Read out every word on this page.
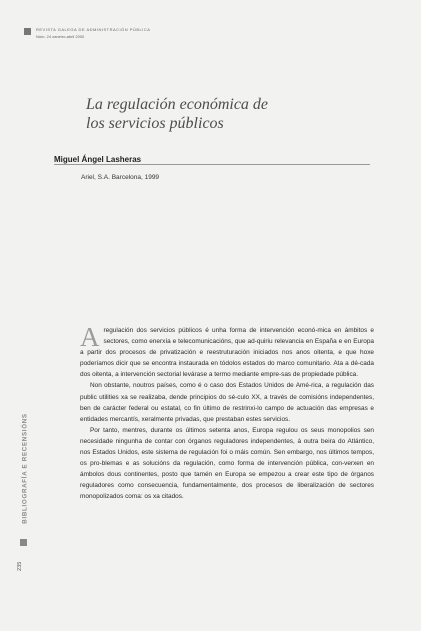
REVISTA GALEGA DE ADMINISTRACIÓN PÚBLICA
Núm. 24 xaneiro-abril 2000
La regulación económica de
los servicios públicos
Miguel Ángel Lasheras
Ariel, S.A. Barcelona, 1999

Aregulación dos servicios públicos é unha forma de intervención econó-mica en ámbitos e sectores, como enerxía e telecomunicacións, que ad-quiriu relevancia en España e en Europa a partir dos procesos de privatización e reestruturación iniciados nos anos oitenta, e que hoxe poderíamos dicir que se encontra instaurada en tódolos estados do marco comunitario. Ata a dé-cada dos oitenta, a intervención sectorial levárase a termo mediante empre-sas de propiedade pública.

Non obstante, noutros países, como é o caso dos Estados Unidos de Amé-rica, a regulación das public utilities xa se realizaba, dende principios do sé-culo XX, a través de comisións independentes, ben de carácter federal ou estatal, co fin último de restrinxi-lo campo de actuación das empresas e entidades mercantís, xeralmente privadas, que prestaban estes servicios.

Por tanto, mentres, durante os últimos setenta anos, Europa regulou os seus monopolios sen necesidade ningunha de contar con órganos reguladores independentes, á outra beira do Atlántico, nos Estados Unidos, este sistema de regulación foi o máis común. Sen embargo, nos últimos tempos, os pro-blemas e as solucións da regulación, como forma de intervención pública, con-verxen en ámbolos dous continentes, posto que tamén en Europa se empezou a crear este tipo de órganos reguladores como consecuencia, fundamentalmente, dos procesos de liberalización de sectores monopolizados coma: os xa citados.

BIBLIOGRAFÍA E RECENSIÓNS
235
